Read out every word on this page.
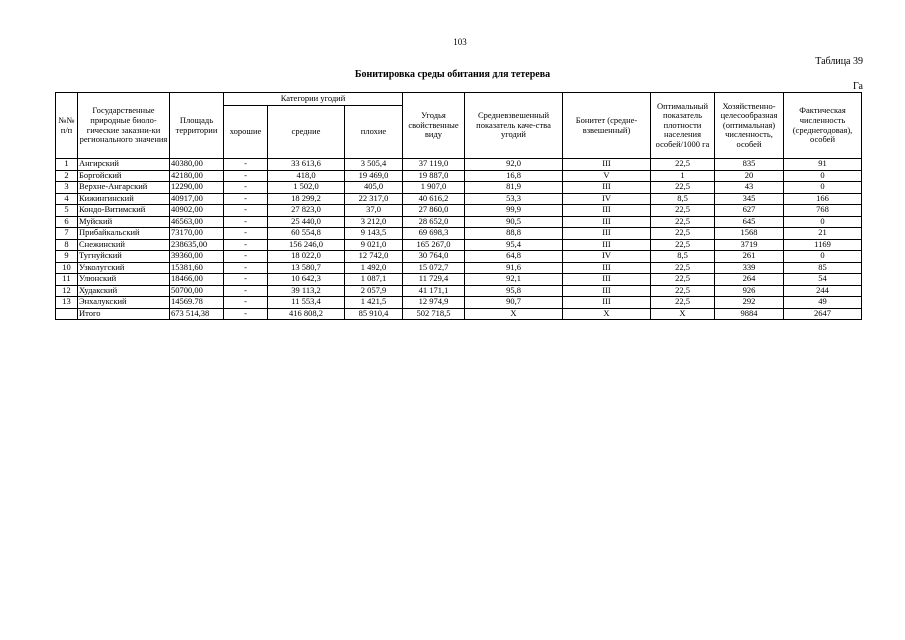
103
Таблица 39
Бонитировка среды обитания для тетерева
Га
№№ п/п	Государственные природные биоло-гические заказни-ки регионального значения	Площадь территории	Категории угодий			Угодья свойственные виду	Средневзвешенный показатель каче-ства угодий	Бонитет (средне-взвешенный)	Оптимальный показатель плотности населения особей/1000 га	Хозяйственно-целесообразная (оптимальная) численность, особей	Фактическая численность (среднегодовая), особей
			хорошие	средние	плохие						
1	Ангирский	40380,00	-	33 613,6	3 505,4	37 119,0	92,0	III	22,5	835	91
2	Боргойский	42180,00	-	418,0	19 469,0	19 887,0	16,8	V	1	20	0
3	Верхне-Ангарский	12290,00	-	1 502,0	405,0	1 907,0	81,9	III	22,5	43	0
4	Кижингинский	40917,00	-	18 299,2	22 317,0	40 616,2	53,3	IV	8,5	345	166
5	Кондо-Витимский	40902,00	-	27 823,0	37,0	27 860,0	99,9	III	22,5	627	768
6	Муйский	46563,00	-	25 440,0	3 212,0	28 652,0	90,5	III	22,5	645	0
7	Прибайкальский	73170,00	-	60 554,8	9 143,5	69 698,3	88,8	III	22,5	1568	21
8	Снежинский	238635,00	-	156 246,0	9 021,0	165 267,0	95,4	III	22,5	3719	1169
9	Тугнуйский	39360,00	-	18 022,0	12 742,0	30 764,0	64,8	IV	8,5	261	0
10	Узколугский	15381,60	-	13 580,7	1 492,0	15 072,7	91,6	III	22,5	339	85
11	Улюнский	18466,00	-	10 642,3	1 087,1	11 729,4	92,1	III	22,5	264	54
12	Худакский	50700,00	-	39 113,2	2 057,9	41 171,1	95,8	III	22,5	926	244
13	Энхалукский	14569.78	-	11 553,4	1 421,5	12 974,9	90,7	III	22,5	292	49
	Итого	673 514,38	-	416 808,2	85 910,4	502 718,5	Х	Х	Х	9884	2647
